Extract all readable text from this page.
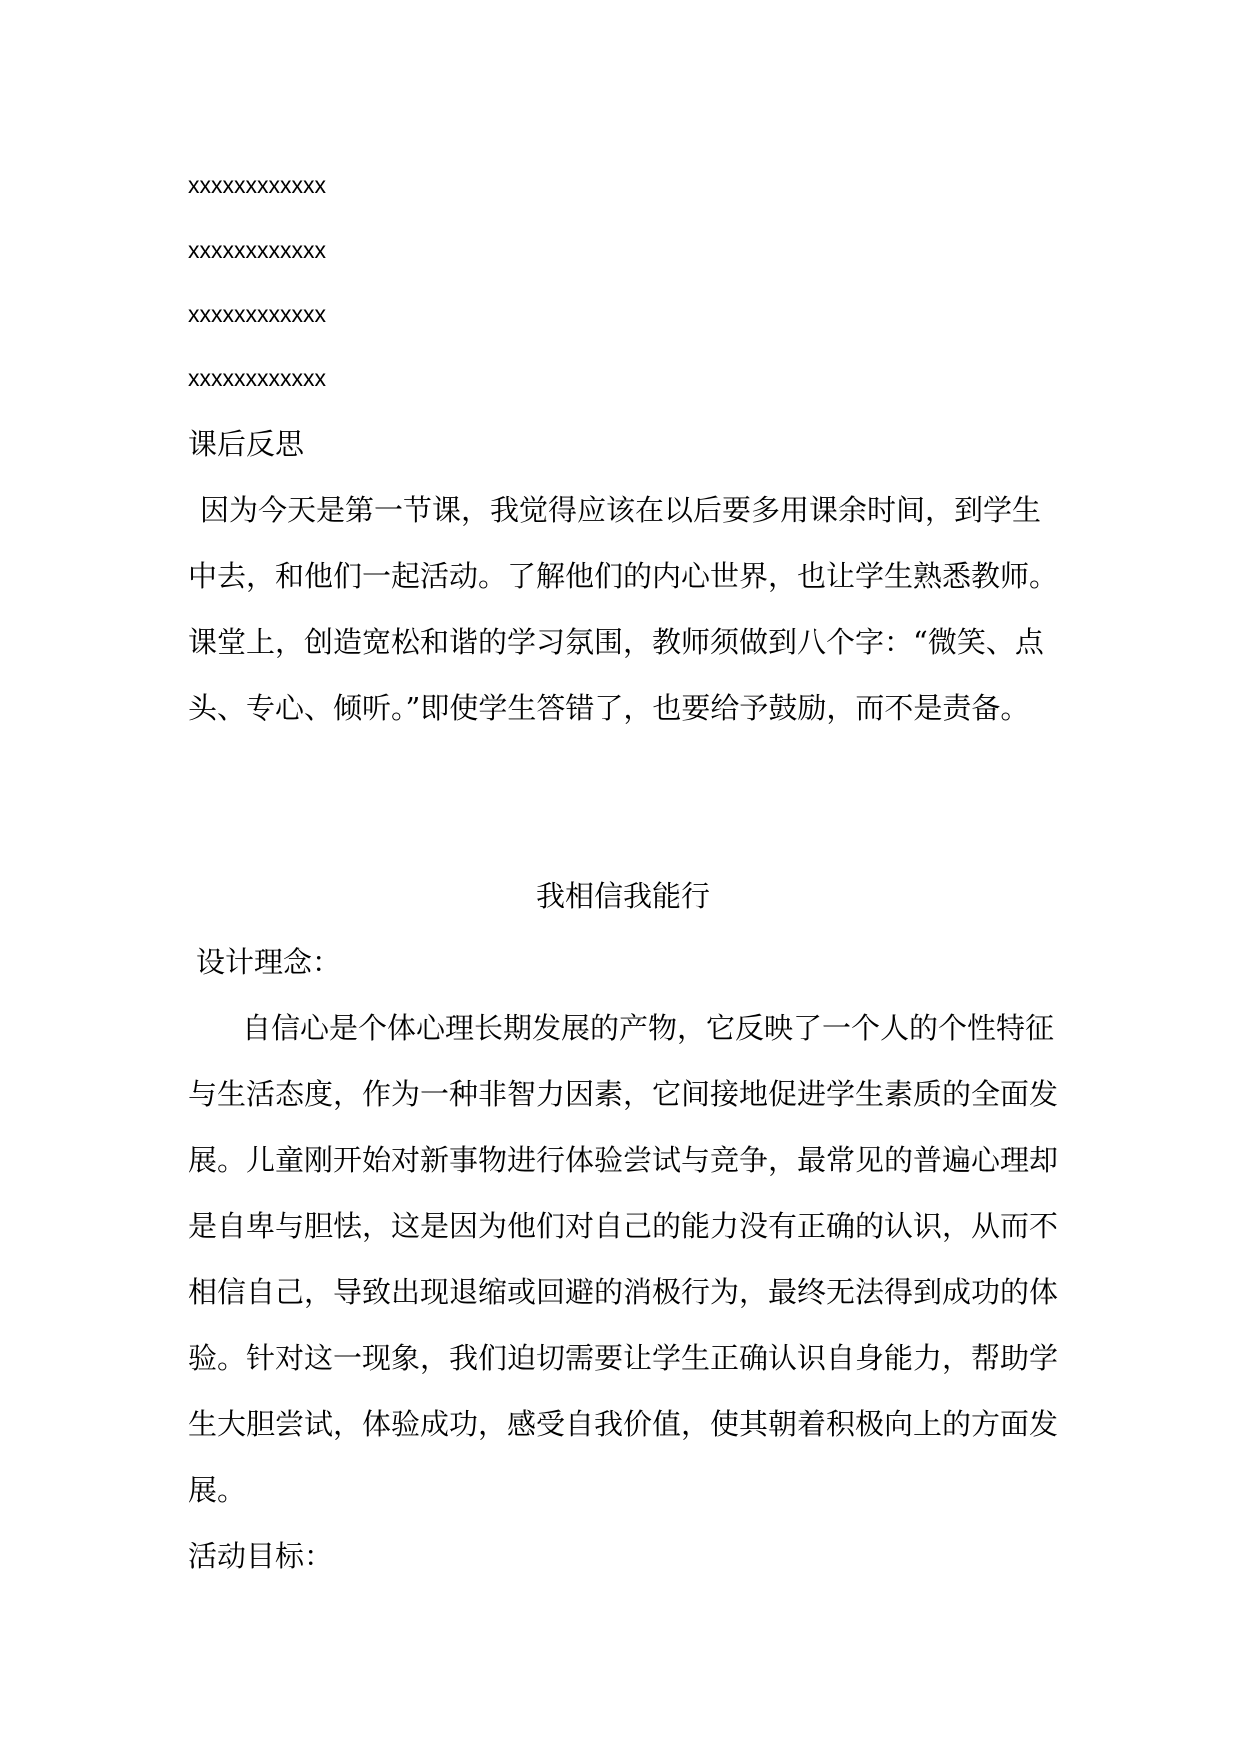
xxxxxxxxxxxx
xxxxxxxxxxxx
xxxxxxxxxxxx
xxxxxxxxxxxx
课后反思
因为今天是第一节课，我觉得应该在以后要多用课余时间，到学生
中去，和他们一起活动。了解他们的内心世界，也让学生熟悉教师。
课堂上，创造宽松和谐的学习氛围，教师须做到八个字：“微笑、点
头、专心、倾听。”即使学生答错了，也要给予鼓励，而不是责备。
我相信我能行
设计理念：
自信心是个体心理长期发展的产物，它反映了一个人的个性特征
与生活态度，作为一种非智力因素，它间接地促进学生素质的全面发
展。儿童刚开始对新事物进行体验尝试与竞争，最常见的普遍心理却
是自卑与胆怯，这是因为他们对自己的能力没有正确的认识，从而不
相信自己，导致出现退缩或回避的消极行为，最终无法得到成功的体
验。针对这一现象，我们迫切需要让学生正确认识自身能力，帮助学
生大胆尝试，体验成功，感受自我价值，使其朝着积极向上的方面发
展。
活动目标：
